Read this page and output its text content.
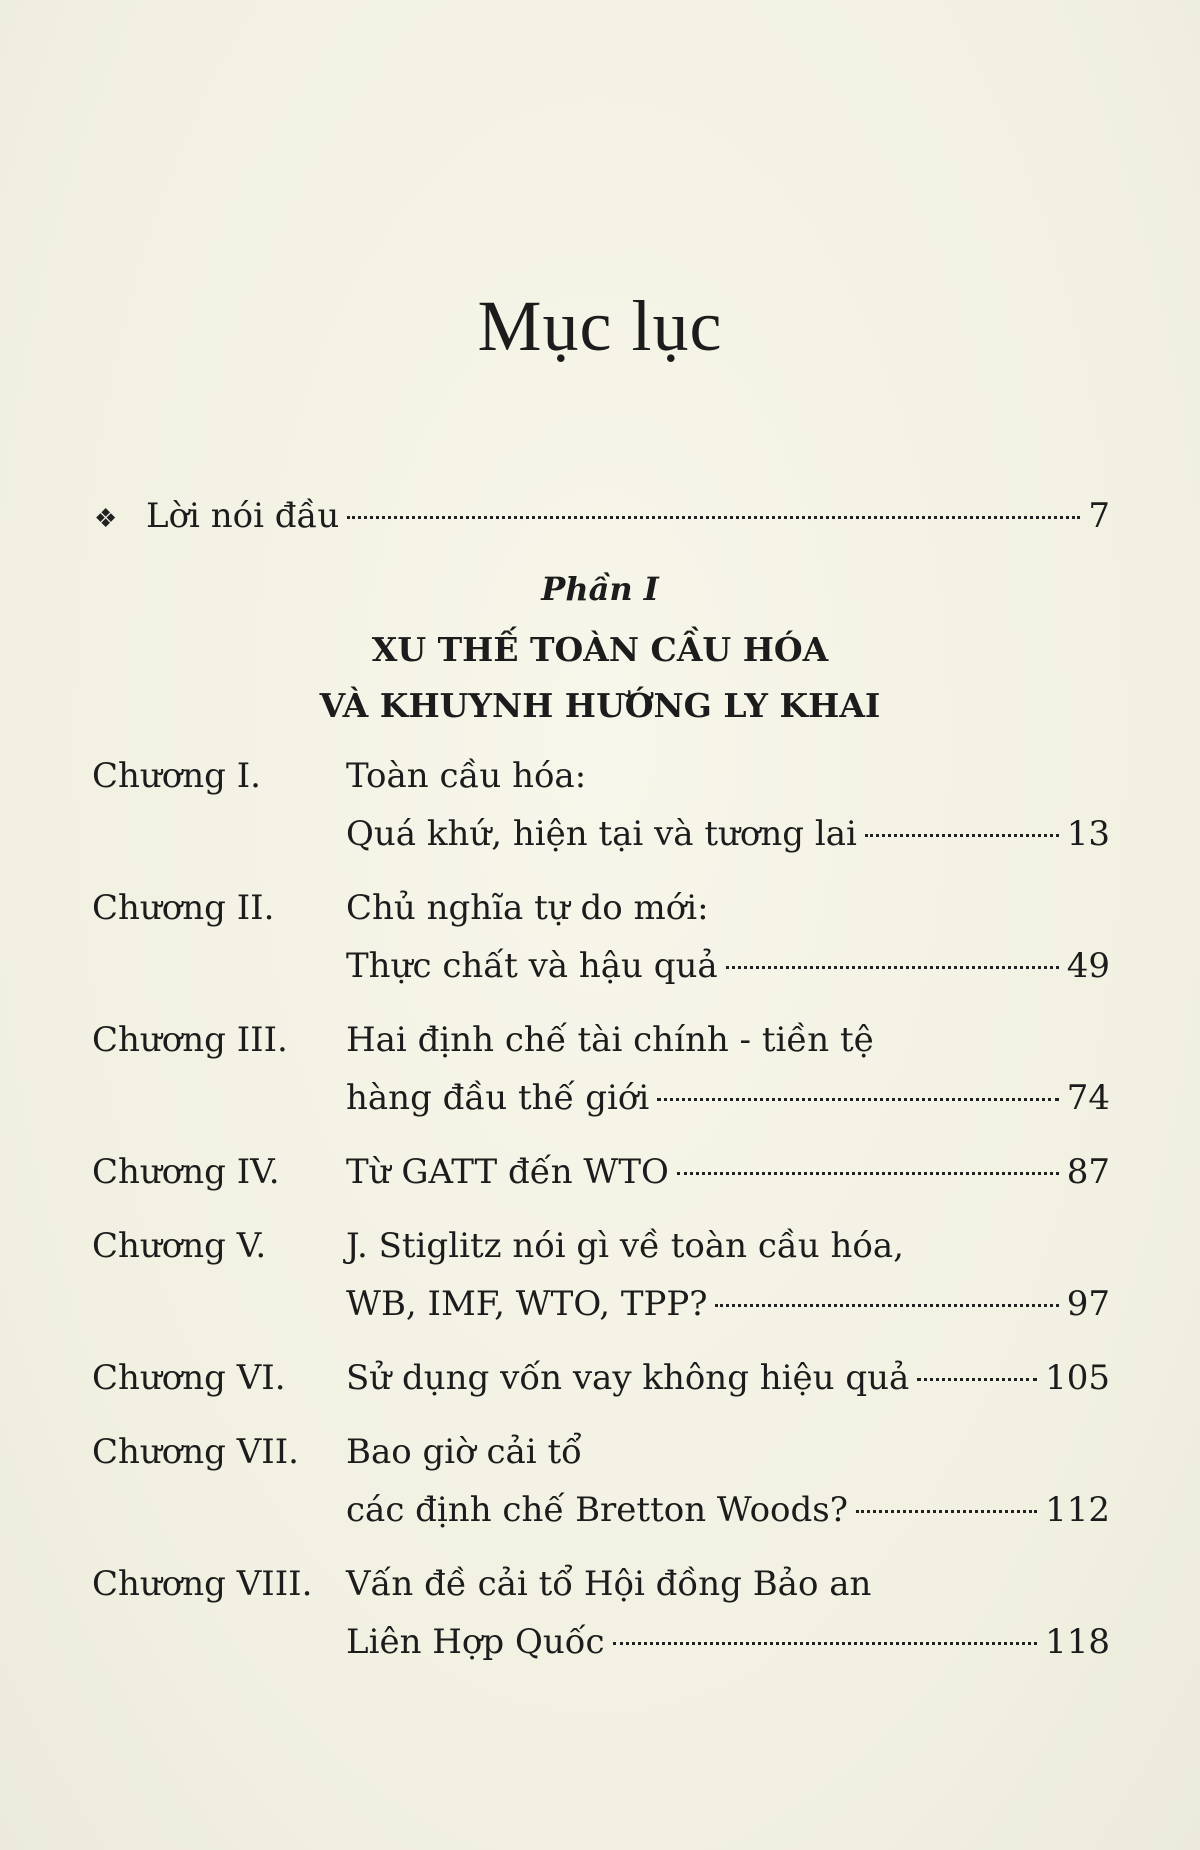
Mục lục
❖ Lời nói đầu	7
Phần I
XU THẾ TOÀN CẦU HÓA
VÀ KHUYNH HƯỚNG LY KHAI
Chương I.	Toàn cầu hóa:
Quá khứ, hiện tại và tương lai	13
Chương II.	Chủ nghĩa tự do mới:
Thực chất và hậu quả	49
Chương III.	Hai định chế tài chính - tiền tệ
hàng đầu thế giới	74
Chương IV.	Từ GATT đến WTO	87
Chương V.	J. Stiglitz nói gì về toàn cầu hóa,
WB, IMF, WTO, TPP?	97
Chương VI.	Sử dụng vốn vay không hiệu quả	105
Chương VII.	Bao giờ cải tổ
các định chế Bretton Woods?	112
Chương VIII. Vấn đề cải tổ Hội đồng Bảo an
Liên Hợp Quốc	118
